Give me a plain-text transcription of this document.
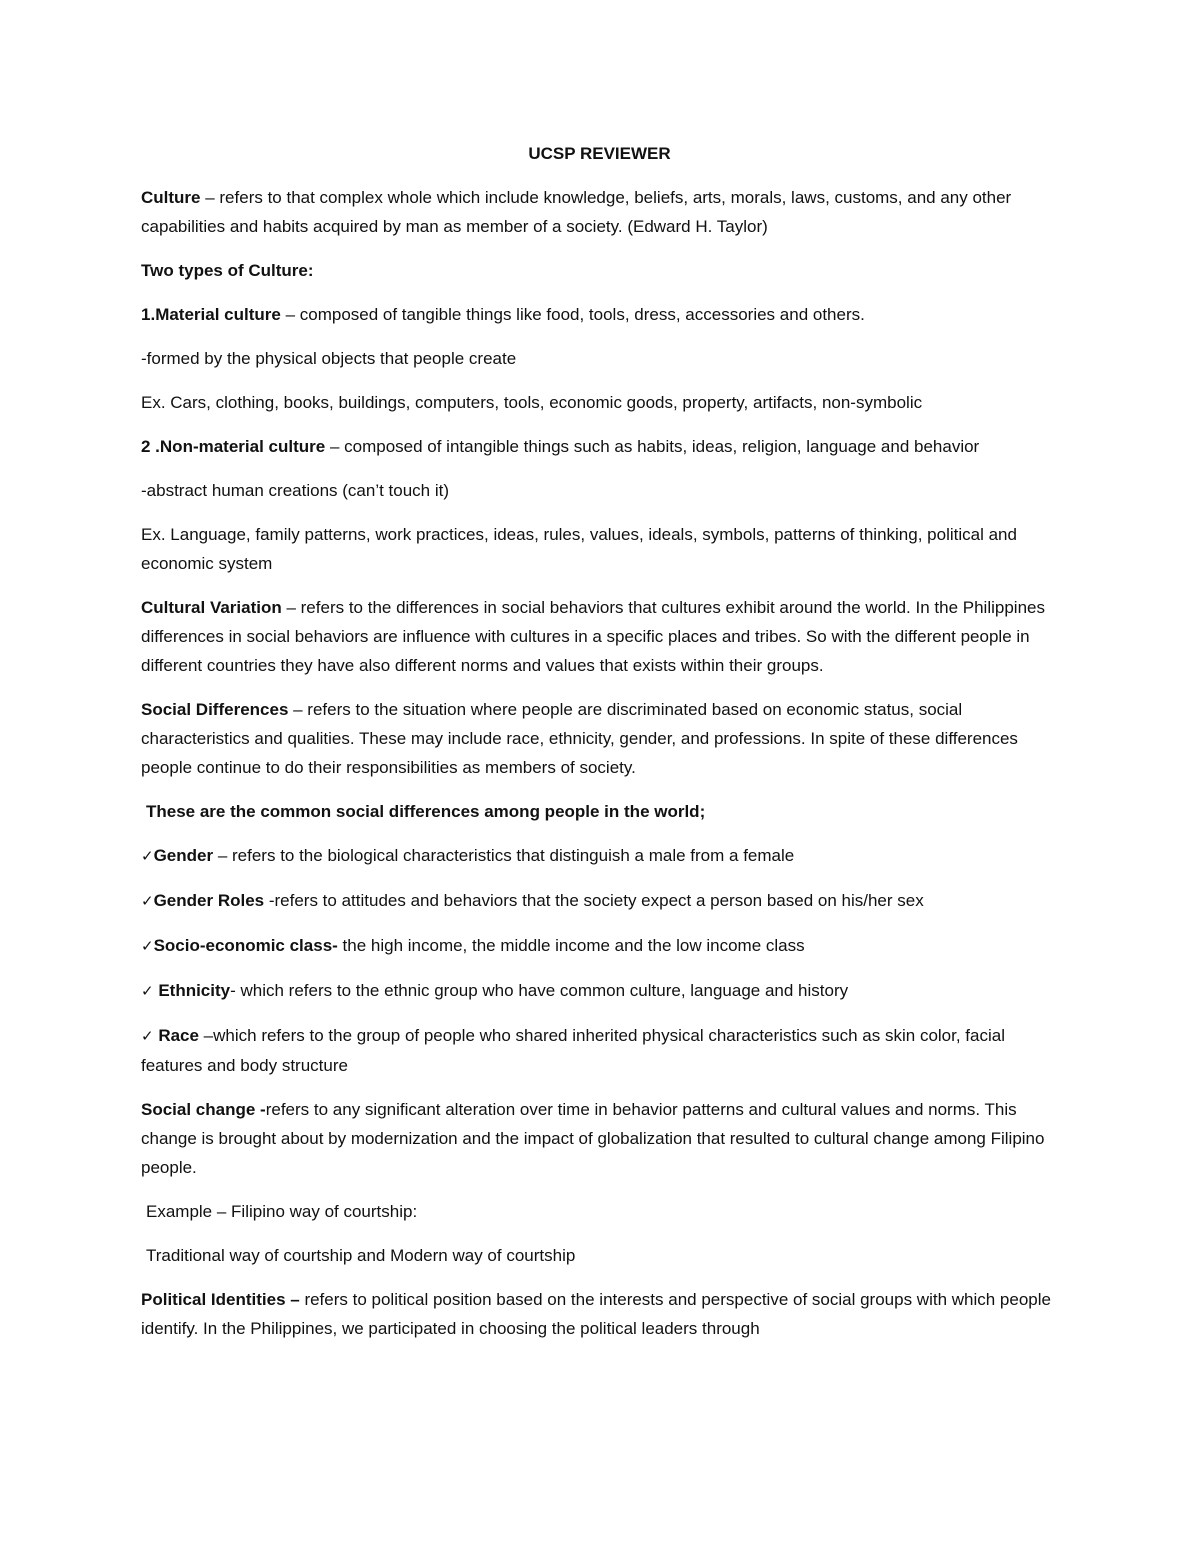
UCSP REVIEWER

Culture – refers to that complex whole which include knowledge, beliefs, arts, morals, laws, customs, and any other capabilities and habits acquired by man as member of a society. (Edward H. Taylor)

Two types of Culture:

1.Material culture – composed of tangible things like food, tools, dress, accessories and others.

-formed by the physical objects that people create

Ex. Cars, clothing, books, buildings, computers, tools, economic goods, property, artifacts, non-symbolic

2 .Non-material culture – composed of intangible things such as habits, ideas, religion, language and behavior

-abstract human creations (can’t touch it)

Ex. Language, family patterns, work practices, ideas, rules, values, ideals, symbols, patterns of thinking, political and economic system

Cultural Variation – refers to the differences in social behaviors that cultures exhibit around the world. In the Philippines differences in social behaviors are influence with cultures in a specific places and tribes. So with the different people in different countries they have also different norms and values that exists within their groups.

Social Differences – refers to the situation where people are discriminated based on economic status, social characteristics and qualities. These may include race, ethnicity, gender, and professions. In spite of these differences people continue to do their responsibilities as members of society.

These are the common social differences among people in the world;

✓Gender – refers to the biological characteristics that distinguish a male from a female

✓Gender Roles -refers to attitudes and behaviors that the society expect a person based on his/her sex

✓Socio-economic class- the high income, the middle income and the low income class

✓ Ethnicity- which refers to the ethnic group who have common culture, language and history

✓ Race –which refers to the group of people who shared inherited physical characteristics such as skin color, facial features and body structure

Social change -refers to any significant alteration over time in behavior patterns and cultural values and norms. This change is brought about by modernization and the impact of globalization that resulted to cultural change among Filipino people.

Example – Filipino way of courtship:

Traditional way of courtship and Modern way of courtship

Political Identities – refers to political position based on the interests and perspective of social groups with which people identify. In the Philippines, we participated in choosing the political leaders through
